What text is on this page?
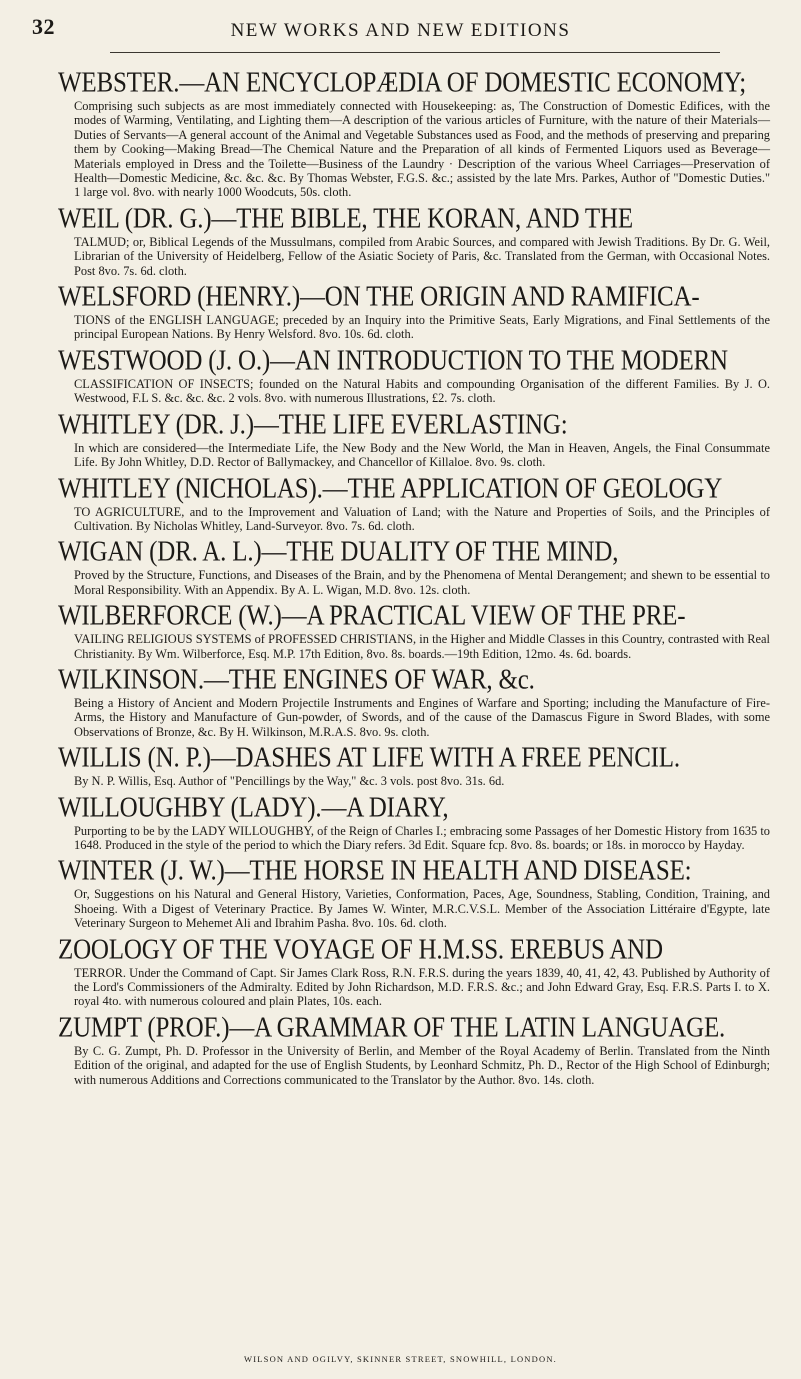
32	NEW WORKS AND NEW EDITIONS
WEBSTER.—AN ENCYCLOPÆDIA OF DOMESTIC ECONOMY;

Comprising such subjects as are most immediately connected with Housekeeping: as, The Construction of Domestic Edifices, with the modes of Warming, Ventilating, and Lighting them—A description of the various articles of Furniture, with the nature of their Materials—Duties of Servants—A general account of the Animal and Vegetable Substances used as Food, and the methods of preserving and preparing them by Cooking—Making Bread—The Chemical Nature and the Preparation of all kinds of Fermented Liquors used as Beverage—Materials employed in Dress and the Toilette—Business of the Laundry · Description of the various Wheel Carriages—Preservation of Health—Domestic Medicine, &c. &c. &c. By Thomas Webster, F.G.S. &c.; assisted by the late Mrs. Parkes, Author of "Domestic Duties." 1 large vol. 8vo. with nearly 1000 Woodcuts, 50s. cloth.

WEIL (DR. G.)—THE BIBLE, THE KORAN, AND THE

TALMUD; or, Biblical Legends of the Mussulmans, compiled from Arabic Sources, and compared with Jewish Traditions. By Dr. G. Weil, Librarian of the University of Heidelberg, Fellow of the Asiatic Society of Paris, &c. Translated from the German, with Occasional Notes. Post 8vo. 7s. 6d. cloth.

WELSFORD (HENRY.)—ON THE ORIGIN AND RAMIFICA-

TIONS of the ENGLISH LANGUAGE; preceded by an Inquiry into the Primitive Seats, Early Migrations, and Final Settlements of the principal European Nations. By Henry Welsford. 8vo. 10s. 6d. cloth.

WESTWOOD (J. O.)—AN INTRODUCTION TO THE MODERN

CLASSIFICATION OF INSECTS; founded on the Natural Habits and compounding Organisation of the different Families. By J. O. Westwood, F.L S. &c. &c. &c. 2 vols. 8vo. with numerous Illustrations, £2. 7s. cloth.

WHITLEY (DR. J.)—THE LIFE EVERLASTING:

In which are considered—the Intermediate Life, the New Body and the New World, the Man in Heaven, Angels, the Final Consummate Life. By John Whitley, D.D. Rector of Ballymackey, and Chancellor of Killaloe. 8vo. 9s. cloth.

WHITLEY (NICHOLAS).—THE APPLICATION OF GEOLOGY

TO AGRICULTURE, and to the Improvement and Valuation of Land; with the Nature and Properties of Soils, and the Principles of Cultivation. By Nicholas Whitley, Land-Surveyor. 8vo. 7s. 6d. cloth.

WIGAN (DR. A. L.)—THE DUALITY OF THE MIND,

Proved by the Structure, Functions, and Diseases of the Brain, and by the Phenomena of Mental Derangement; and shewn to be essential to Moral Responsibility. With an Appendix. By A. L. Wigan, M.D. 8vo. 12s. cloth.

WILBERFORCE (W.)—A PRACTICAL VIEW OF THE PRE-

VAILING RELIGIOUS SYSTEMS of PROFESSED CHRISTIANS, in the Higher and Middle Classes in this Country, contrasted with Real Christianity. By Wm. Wilberforce, Esq. M.P. 17th Edition, 8vo. 8s. boards.—19th Edition, 12mo. 4s. 6d. boards.

WILKINSON.—THE ENGINES OF WAR, &c.

Being a History of Ancient and Modern Projectile Instruments and Engines of Warfare and Sporting; including the Manufacture of Fire-Arms, the History and Manufacture of Gun-powder, of Swords, and of the cause of the Damascus Figure in Sword Blades, with some Observations of Bronze, &c. By H. Wilkinson, M.R.A.S. 8vo. 9s. cloth.

WILLIS (N. P.)—DASHES AT LIFE WITH A FREE PENCIL.

By N. P. Willis, Esq. Author of "Pencillings by the Way," &c. 3 vols. post 8vo. 31s. 6d.

WILLOUGHBY (LADY).—A DIARY,

Purporting to be by the LADY WILLOUGHBY, of the Reign of Charles I.; embracing some Passages of her Domestic History from 1635 to 1648. Produced in the style of the period to which the Diary refers. 3d Edit. Square fcp. 8vo. 8s. boards; or 18s. in morocco by Hayday.

WINTER (J. W.)—THE HORSE IN HEALTH AND DISEASE:

Or, Suggestions on his Natural and General History, Varieties, Conformation, Paces, Age, Soundness, Stabling, Condition, Training, and Shoeing. With a Digest of Veterinary Practice. By James W. Winter, M.R.C.V.S.L. Member of the Association Littéraire d'Egypte, late Veterinary Surgeon to Mehemet Ali and Ibrahim Pasha. 8vo. 10s. 6d. cloth.

ZOOLOGY OF THE VOYAGE OF H.M.SS. EREBUS AND

TERROR. Under the Command of Capt. Sir James Clark Ross, R.N. F.R.S. during the years 1839, 40, 41, 42, 43. Published by Authority of the Lord's Commissioners of the Admiralty. Edited by John Richardson, M.D. F.R.S. &c.; and John Edward Gray, Esq. F.R.S. Parts I. to X. royal 4to. with numerous coloured and plain Plates, 10s. each.

ZUMPT (PROF.)—A GRAMMAR OF THE LATIN LANGUAGE.

By C. G. Zumpt, Ph. D. Professor in the University of Berlin, and Member of the Royal Academy of Berlin. Translated from the Ninth Edition of the original, and adapted for the use of English Students, by Leonhard Schmitz, Ph. D., Rector of the High School of Edinburgh; with numerous Additions and Corrections communicated to the Translator by the Author. 8vo. 14s. cloth.

WILSON AND OGILVY, SKINNER STREET, SNOWHILL, LONDON.
